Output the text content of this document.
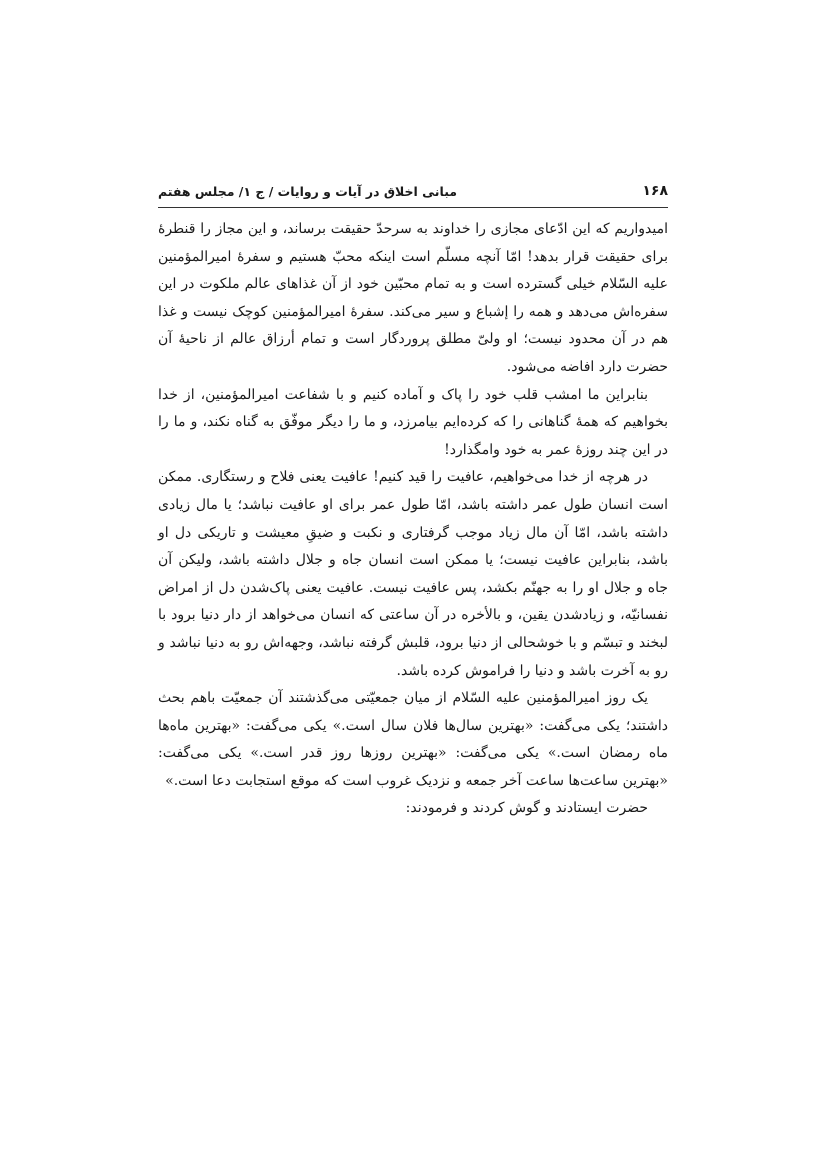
۱۶۸
مبانی اخلاق در آیات و روایات / ج ۱/ مجلس هفتم

امیدواریم که این ادّعای مجازی را خداوند به سرحدّ حقیقت برساند، و این مجاز را قنطرهٔ برای حقیقت قرار بدهد! امّا آنچه مسلّم است اینکه محبّ هستیم و سفرهٔ امیرالمؤمنین علیه السّلام خیلی گسترده است و به تمام محبّین خود از آن غذاهای عالم ملکوت در این سفره‌اش می‌دهد و همه را إشباع و سیر می‌کند. سفرهٔ امیرالمؤمنین کوچک نیست و غذا هم در آن محدود نیست؛ او ولیّ مطلق پروردگار است و تمام أرزاق عالم از ناحیهٔ آن حضرت دارد افاضه می‌شود.

بنابراین ما امشب قلب خود را پاک و آماده کنیم و با شفاعت امیرالمؤمنین، از خدا بخواهیم که همهٔ گناهانی را که کرده‌ایم بیامرزد، و ما را دیگر موفّق به گناه نکند، و ما را در این چند روزهٔ عمر به خود وامگذارد!

در هرچه از خدا می‌خواهیم، عافیت را قید کنیم! عافیت یعنی فلاح و رستگاری. ممکن است انسان طول عمر داشته باشد، امّا طول عمر برای او عافیت نباشد؛ یا مال زیادی داشته باشد، امّا آن مال زیاد موجب گرفتاری و نکبت و ضیقِ معیشت و تاریکی دل او باشد، بنابراین عافیت نیست؛ یا ممکن است انسان جاه و جلال داشته باشد، ولیکن آن جاه و جلال او را به جهنّم بکشد، پس عافیت نیست. عافیت یعنی پاک‌شدن دل از امراض نفسانیّه، و زیادشدن یقین، و بالأخره در آن ساعتی که انسان می‌خواهد از دار دنیا برود با لبخند و تبسّم و با خوشحالی از دنیا برود، قلبش گرفته نباشد، وجهه‌اش رو به دنیا نباشد و رو به آخرت باشد و دنیا را فراموش کرده باشد.

یک روز امیرالمؤمنین علیه السّلام از میان جمعیّتی می‌گذشتند آن جمعیّت باهم بحث داشتند؛ یکی می‌گفت: «بهترین سال‌ها فلان سال است.» یکی می‌گفت: «بهترین ماه‌ها ماه رمضان است.» یکی می‌گفت: «بهترین روزها روز قدر است.» یکی می‌گفت: «بهترین ساعت‌ها ساعت آخر جمعه و نزدیک غروب است که موقع استجابت دعا است.»

حضرت ایستادند و گوش کردند و فرمودند:
